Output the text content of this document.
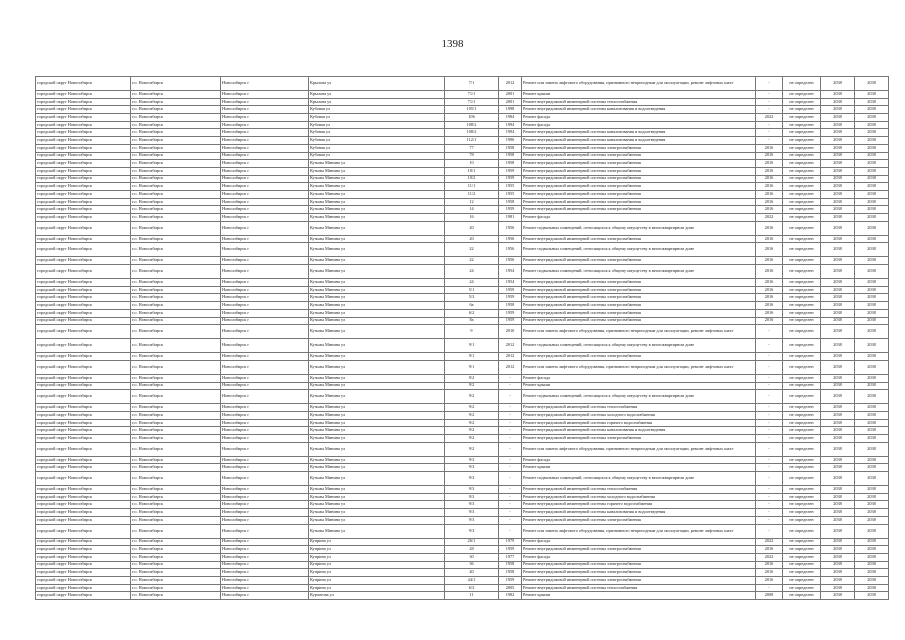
1398
городской округ Новосибирск	г.о. Новосибирск	Новосибирск г	Крылова ул	7/1	2012	Ремонт или замена лифтового оборудования, признанного непригодным для эксплуатации, ремонт лифтовых шахт	-	не определен	2038	2038
городской округ Новосибирск	г.о. Новосибирск	Новосибирск г	Крылова ул	71/1	2001	Ремонт крыши	-	не определен	2038	2038
городской округ Новосибирск	г.о. Новосибирск	Новосибирск г	Крылова ул	71/1	2001	Ремонт внутридомовой инженерной системы теплоснабжения	-	не определен	2038	2038
городской округ Новосибирск	г.о. Новосибирск	Новосибирск г	Кубовая ул	105/1	1998	Ремонт внутридомовой инженерной системы канализования и водоотведения	-	не определен	2038	2038
городской округ Новосибирск	г.о. Новосибирск	Новосибирск г	Кубовая ул	106	1984	Ремонт фасада	2022	не определен	2038	2038
городской округ Новосибирск	г.о. Новосибирск	Новосибирск г	Кубовая ул	108/2	1994	Ремонт фасада	-	не определен	2038	2038
городской округ Новосибирск	г.о. Новосибирск	Новосибирск г	Кубовая ул	108/2	1994	Ремонт внутридомовой инженерной системы канализования и водоотведения	-	не определен	2038	2038
городской округ Новосибирск	г.о. Новосибирск	Новосибирск г	Кубовая ул	112/1	1996	Ремонт внутридомовой инженерной системы канализования и водоотведения	-	не определен	2038	2038
городской округ Новосибирск	г.о. Новосибирск	Новосибирск г	Кубовая ул	77	1958	Ремонт внутридомовой инженерной системы электроснабжения	2016	не определен	2038	2038
городской округ Новосибирск	г.о. Новосибирск	Новосибирск г	Кубовая ул	78	1958	Ремонт внутридомовой инженерной системы электроснабжения	2016	не определен	2038	2038
городской округ Новосибирск	г.о. Новосибирск	Новосибирск г	Кузьмы Минина ул	10	1958	Ремонт внутридомовой инженерной системы электроснабжения	2016	не определен	2038	2038
городской округ Новосибирск	г.о. Новосибирск	Новосибирск г	Кузьмы Минина ул	10/1	1959	Ремонт внутридомовой инженерной системы электроснабжения	2016	не определен	2038	2038
городской округ Новосибирск	г.о. Новосибирск	Новосибирск г	Кузьмы Минина ул	10/2	1959	Ремонт внутридомовой инженерной системы электроснабжения	2016	не определен	2038	2038
городской округ Новосибирск	г.о. Новосибирск	Новосибирск г	Кузьмы Минина ул	11/1	1955	Ремонт внутридомовой инженерной системы электроснабжения	2016	не определен	2038	2038
городской округ Новосибирск	г.о. Новосибирск	Новосибирск г	Кузьмы Минина ул	11/2	1955	Ремонт внутридомовой инженерной системы электроснабжения	2016	не определен	2038	2038
городской округ Новосибирск	г.о. Новосибирск	Новосибирск г	Кузьмы Минина ул	12	1958	Ремонт внутридомовой инженерной системы электроснабжения	2016	не определен	2038	2038
городской округ Новосибирск	г.о. Новосибирск	Новосибирск г	Кузьмы Минина ул	14	1959	Ремонт внутридомовой инженерной системы электроснабжения	2016	не определен	2038	2038
городской округ Новосибирск	г.о. Новосибирск	Новосибирск г	Кузьмы Минина ул	16	1981	Ремонт фасада	2022	не определен	2038	2038
городской округ Новосибирск	г.о. Новосибирск	Новосибирск г	Кузьмы Минина ул	20	1956	Ремонт подвальных помещений, относящихся к общему имуществу в многоквартирном доме	2016	не определен	2038	2038
городской округ Новосибирск	г.о. Новосибирск	Новосибирск г	Кузьмы Минина ул	20	1956	Ремонт внутридомовой инженерной системы электроснабжения	2016	не определен	2038	2038
городской округ Новосибирск	г.о. Новосибирск	Новосибирск г	Кузьмы Минина ул	22	1956	Ремонт подвальных помещений, относящихся к общему имуществу в многоквартирном доме	2016	не определен	2038	2038
городской округ Новосибирск	г.о. Новосибирск	Новосибирск г	Кузьмы Минина ул	22	1956	Ремонт внутридомовой инженерной системы электроснабжения	2016	не определен	2038	2038
городской округ Новосибирск	г.о. Новосибирск	Новосибирск г	Кузьмы Минина ул	24	1954	Ремонт подвальных помещений, относящихся к общему имуществу в многоквартирном доме	2016	не определен	2038	2038
городской округ Новосибирск	г.о. Новосибирск	Новосибирск г	Кузьмы Минина ул	24	1954	Ремонт внутридомовой инженерной системы электроснабжения	2016	не определен	2038	2038
городской округ Новосибирск	г.о. Новосибирск	Новосибирск г	Кузьмы Минина ул	5/1	1959	Ремонт внутридомовой инженерной системы электроснабжения	2016	не определен	2038	2038
городской округ Новосибирск	г.о. Новосибирск	Новосибирск г	Кузьмы Минина ул	5/3	1959	Ремонт внутридомовой инженерной системы электроснабжения	2016	не определен	2038	2038
городской округ Новосибирск	г.о. Новосибирск	Новосибирск г	Кузьмы Минина ул	6а	1958	Ремонт внутридомовой инженерной системы электроснабжения	2016	не определен	2038	2038
городской округ Новосибирск	г.о. Новосибирск	Новосибирск г	Кузьмы Минина ул	6/2	1959	Ремонт внутридомовой инженерной системы электроснабжения	2016	не определен	2038	2038
городской округ Новосибирск	г.о. Новосибирск	Новосибирск г	Кузьмы Минина ул	8а	1959	Ремонт внутридомовой инженерной системы электроснабжения	2016	не определен	2038	2038
городской округ Новосибирск	г.о. Новосибирск	Новосибирск г	Кузьмы Минина ул	9	2010	Ремонт или замена лифтового оборудования, признанного непригодным для эксплуатации, ремонт лифтовых шахт	-	не определен	2038	2038
городской округ Новосибирск	г.о. Новосибирск	Новосибирск г	Кузьмы Минина ул	9/1	2012	Ремонт подвальных помещений, относящихся к общему имуществу в многоквартирном доме	-	не определен	2038	2038
городской округ Новосибирск	г.о. Новосибирск	Новосибирск г	Кузьмы Минина ул	9/1	2012	Ремонт внутридомовой инженерной системы электроснабжения	-	не определен	2038	2038
городской округ Новосибирск	г.о. Новосибирск	Новосибирск г	Кузьмы Минина ул	9/1	2012	Ремонт или замена лифтового оборудования, признанного непригодным для эксплуатации, ремонт лифтовых шахт	-	не определен	2038	2038
городской округ Новосибирск	г.о. Новосибирск	Новосибирск г	Кузьмы Минина ул	9/2	-	Ремонт фасада	-	не определен	2038	2038
городской округ Новосибирск	г.о. Новосибирск	Новосибирск г	Кузьмы Минина ул	9/2	-	Ремонт крыши	-	не определен	2038	2038
городской округ Новосибирск	г.о. Новосибирск	Новосибирск г	Кузьмы Минина ул	9/2	-	Ремонт подвальных помещений, относящихся к общему имуществу в многоквартирном доме	-	не определен	2038	2038
городской округ Новосибирск	г.о. Новосибирск	Новосибирск г	Кузьмы Минина ул	9/2	-	Ремонт внутридомовой инженерной системы теплоснабжения	-	не определен	2038	2038
городской округ Новосибирск	г.о. Новосибирск	Новосибирск г	Кузьмы Минина ул	9/2	-	Ремонт внутридомовой инженерной системы холодного водоснабжения	-	не определен	2038	2038
городской округ Новосибирск	г.о. Новосибирск	Новосибирск г	Кузьмы Минина ул	9/2	-	Ремонт внутридомовой инженерной системы горячего водоснабжения	-	не определен	2038	2038
городской округ Новосибирск	г.о. Новосибирск	Новосибирск г	Кузьмы Минина ул	9/2	-	Ремонт внутридомовой инженерной системы канализования и водоотведения	-	не определен	2038	2038
городской округ Новосибирск	г.о. Новосибирск	Новосибирск г	Кузьмы Минина ул	9/2	-	Ремонт внутридомовой инженерной системы электроснабжения	-	не определен	2038	2038
городской округ Новосибирск	г.о. Новосибирск	Новосибирск г	Кузьмы Минина ул	9/2	-	Ремонт или замена лифтового оборудования, признанного непригодным для эксплуатации, ремонт лифтовых шахт	-	не определен	2038	2038
городской округ Новосибирск	г.о. Новосибирск	Новосибирск г	Кузьмы Минина ул	9/3	-	Ремонт фасада	-	не определен	2038	2038
городской округ Новосибирск	г.о. Новосибирск	Новосибирск г	Кузьмы Минина ул	9/3	-	Ремонт крыши	-	не определен	2038	2038
городской округ Новосибирск	г.о. Новосибирск	Новосибирск г	Кузьмы Минина ул	9/3	-	Ремонт подвальных помещений, относящихся к общему имуществу в многоквартирном доме	-	не определен	2038	2038
городской округ Новосибирск	г.о. Новосибирск	Новосибирск г	Кузьмы Минина ул	9/3	-	Ремонт внутридомовой инженерной системы теплоснабжения	-	не определен	2038	2038
городской округ Новосибирск	г.о. Новосибирск	Новосибирск г	Кузьмы Минина ул	9/3	-	Ремонт внутридомовой инженерной системы холодного водоснабжения	-	не определен	2038	2038
городской округ Новосибирск	г.о. Новосибирск	Новосибирск г	Кузьмы Минина ул	9/3	-	Ремонт внутридомовой инженерной системы горячего водоснабжения	-	не определен	2038	2038
городской округ Новосибирск	г.о. Новосибирск	Новосибирск г	Кузьмы Минина ул	9/3	-	Ремонт внутридомовой инженерной системы канализования и водоотведения	-	не определен	2038	2038
городской округ Новосибирск	г.о. Новосибирск	Новосибирск г	Кузьмы Минина ул	9/3	-	Ремонт внутридомовой инженерной системы электроснабжения	-	не определен	2038	2038
городской округ Новосибирск	г.о. Новосибирск	Новосибирск г	Кузьмы Минина ул	9/3	-	Ремонт или замена лифтового оборудования, признанного непригодным для эксплуатации, ремонт лифтовых шахт	-	не определен	2038	2038
городской округ Новосибирск	г.о. Новосибирск	Новосибирск г	Куприна ул	26/1	1979	Ремонт фасада	2022	не определен	2038	2038
городской округ Новосибирск	г.о. Новосибирск	Новосибирск г	Куприна ул	28	1959	Ремонт внутридомовой инженерной системы электроснабжения	2016	не определен	2038	2038
городской округ Новосибирск	г.о. Новосибирск	Новосибирск г	Куприна ул	30	1977	Ремонт фасада	2022	не определен	2038	2038
городской округ Новосибирск	г.о. Новосибирск	Новосибирск г	Куприна ул	36	1958	Ремонт внутридомовой инженерной системы электроснабжения	2016	не определен	2038	2038
городской округ Новосибирск	г.о. Новосибирск	Новосибирск г	Куприна ул	40	1958	Ремонт внутридомовой инженерной системы электроснабжения	2016	не определен	2038	2038
городской округ Новосибирск	г.о. Новосибирск	Новосибирск г	Куприна ул	44/1	1959	Ремонт внутридомовой инженерной системы электроснабжения	2016	не определен	2038	2038
городской округ Новосибирск	г.о. Новосибирск	Новосибирск г	Куприна ул	6/3	2005	Ремонт внутридомовой инженерной системы теплоснабжения	-	не определен	2038	2038
городской округ Новосибирск	г.о. Новосибирск	Новосибирск г	Курчатова ул	11	1982	Ремонт крыши	2008	не определен	2038	2038
